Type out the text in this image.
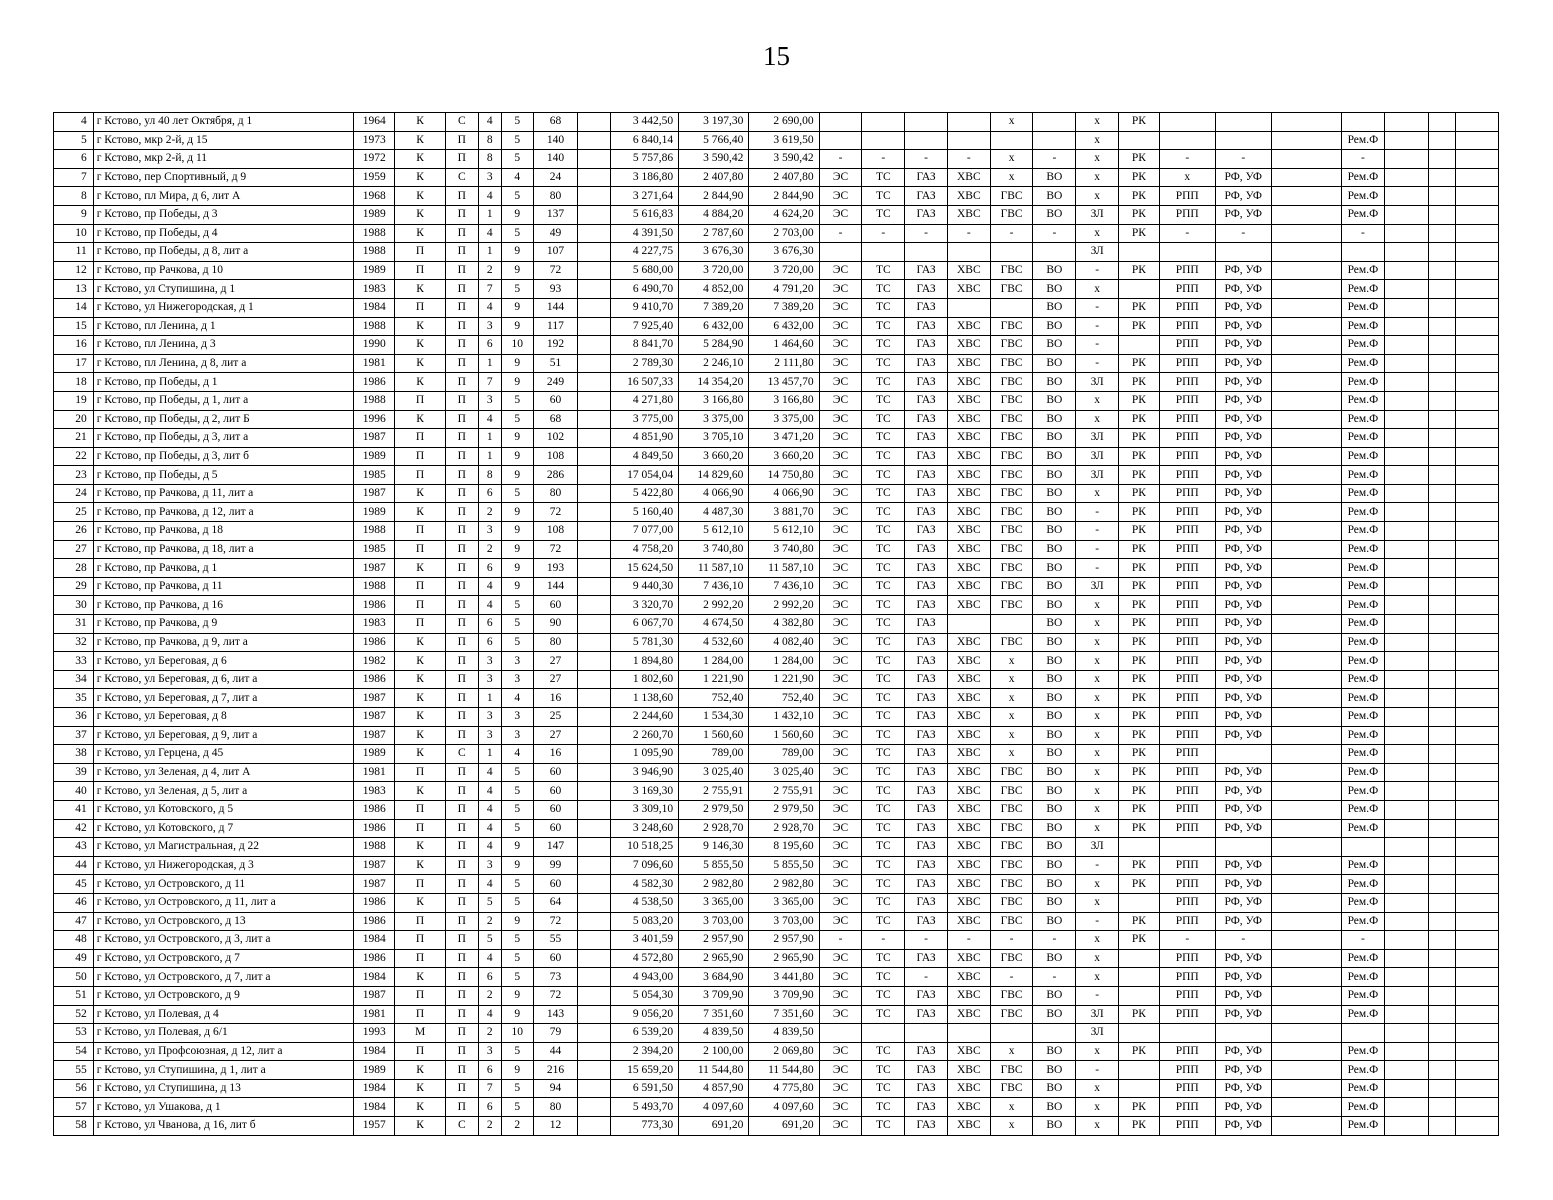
15
4	г Кстово, ул 40 лет Октября, д 1	1964	К	С	4	5	68		3 442,50	3 197,30	2 690,00					х		х	РК							
5	г Кстово, мкр 2-й, д 15	1973	К	П	8	5	140		6 840,14	5 766,40	3 619,50							х					Рем.Ф			
6	г Кстово, мкр 2-й, д 11	1972	К	П	8	5	140		5 757,86	3 590,42	3 590,42	-	-	-	-	х	-	х	РК	-	-		-			
7	г Кстово, пер Спортивный, д 9	1959	К	С	3	4	24		3 186,80	2 407,80	2 407,80	ЭС	ТС	ГАЗ	ХВС	х	ВО	х	РК	х	РФ, УФ		Рем.Ф			
8	г Кстово, пл Мира, д 6, лит А	1968	К	П	4	5	80		3 271,64	2 844,90	2 844,90	ЭС	ТС	ГАЗ	ХВС	ГВС	ВО	х	РК	РПП	РФ, УФ		Рем.Ф			
9	г Кстово, пр Победы, д 3	1989	К	П	1	9	137		5 616,83	4 884,20	4 624,20	ЭС	ТС	ГАЗ	ХВС	ГВС	ВО	ЗЛ	РК	РПП	РФ, УФ		Рем.Ф			
10	г Кстово, пр Победы, д 4	1988	К	П	4	5	49		4 391,50	2 787,60	2 703,00	-	-	-	-	-	-	х	РК	-	-		-			
11	г Кстово, пр Победы, д 8, лит а	1988	П	П	1	9	107		4 227,75	3 676,30	3 676,30							ЗЛ								
12	г Кстово, пр Рачкова, д 10	1989	П	П	2	9	72		5 680,00	3 720,00	3 720,00	ЭС	ТС	ГАЗ	ХВС	ГВС	ВО	-	РК	РПП	РФ, УФ		Рем.Ф			
13	г Кстово, ул Ступишина, д 1	1983	К	П	7	5	93		6 490,70	4 852,00	4 791,20	ЭС	ТС	ГАЗ	ХВС	ГВС	ВО	х		РПП	РФ, УФ		Рем.Ф			
14	г Кстово, ул Нижегородская, д 1	1984	П	П	4	9	144		9 410,70	7 389,20	7 389,20	ЭС	ТС	ГАЗ			ВО	-	РК	РПП	РФ, УФ		Рем.Ф			
15	г Кстово, пл Ленина, д 1	1988	К	П	3	9	117		7 925,40	6 432,00	6 432,00	ЭС	ТС	ГАЗ	ХВС	ГВС	ВО	-	РК	РПП	РФ, УФ		Рем.Ф			
16	г Кстово, пл Ленина, д 3	1990	К	П	6	10	192		8 841,70	5 284,90	1 464,60	ЭС	ТС	ГАЗ	ХВС	ГВС	ВО	-		РПП	РФ, УФ		Рем.Ф			
17	г Кстово, пл Ленина, д 8, лит а	1981	К	П	1	9	51		2 789,30	2 246,10	2 111,80	ЭС	ТС	ГАЗ	ХВС	ГВС	ВО	-	РК	РПП	РФ, УФ		Рем.Ф			
18	г Кстово, пр Победы, д 1	1986	К	П	7	9	249		16 507,33	14 354,20	13 457,70	ЭС	ТС	ГАЗ	ХВС	ГВС	ВО	ЗЛ	РК	РПП	РФ, УФ		Рем.Ф			
19	г Кстово, пр Победы, д 1, лит а	1988	П	П	3	5	60		4 271,80	3 166,80	3 166,80	ЭС	ТС	ГАЗ	ХВС	ГВС	ВО	х	РК	РПП	РФ, УФ		Рем.Ф			
20	г Кстово, пр Победы, д 2, лит Б	1996	К	П	4	5	68		3 775,00	3 375,00	3 375,00	ЭС	ТС	ГАЗ	ХВС	ГВС	ВО	х	РК	РПП	РФ, УФ		Рем.Ф			
21	г Кстово, пр Победы, д 3, лит а	1987	П	П	1	9	102		4 851,90	3 705,10	3 471,20	ЭС	ТС	ГАЗ	ХВС	ГВС	ВО	ЗЛ	РК	РПП	РФ, УФ		Рем.Ф			
22	г Кстово, пр Победы, д 3, лит б	1989	П	П	1	9	108		4 849,50	3 660,20	3 660,20	ЭС	ТС	ГАЗ	ХВС	ГВС	ВО	ЗЛ	РК	РПП	РФ, УФ		Рем.Ф			
23	г Кстово, пр Победы, д 5	1985	П	П	8	9	286		17 054,04	14 829,60	14 750,80	ЭС	ТС	ГАЗ	ХВС	ГВС	ВО	ЗЛ	РК	РПП	РФ, УФ		Рем.Ф			
24	г Кстово, пр Рачкова, д 11, лит а	1987	К	П	6	5	80		5 422,80	4 066,90	4 066,90	ЭС	ТС	ГАЗ	ХВС	ГВС	ВО	х	РК	РПП	РФ, УФ		Рем.Ф			
25	г Кстово, пр Рачкова, д 12, лит а	1989	К	П	2	9	72		5 160,40	4 487,30	3 881,70	ЭС	ТС	ГАЗ	ХВС	ГВС	ВО	-	РК	РПП	РФ, УФ		Рем.Ф			
26	г Кстово, пр Рачкова, д 18	1988	П	П	3	9	108		7 077,00	5 612,10	5 612,10	ЭС	ТС	ГАЗ	ХВС	ГВС	ВО	-	РК	РПП	РФ, УФ		Рем.Ф			
27	г Кстово, пр Рачкова, д 18, лит а	1985	П	П	2	9	72		4 758,20	3 740,80	3 740,80	ЭС	ТС	ГАЗ	ХВС	ГВС	ВО	-	РК	РПП	РФ, УФ		Рем.Ф			
28	г Кстово, пр Рачкова, д 1	1987	К	П	6	9	193		15 624,50	11 587,10	11 587,10	ЭС	ТС	ГАЗ	ХВС	ГВС	ВО	-	РК	РПП	РФ, УФ		Рем.Ф			
29	г Кстово, пр Рачкова, д 11	1988	П	П	4	9	144		9 440,30	7 436,10	7 436,10	ЭС	ТС	ГАЗ	ХВС	ГВС	ВО	ЗЛ	РК	РПП	РФ, УФ		Рем.Ф			
30	г Кстово, пр Рачкова, д 16	1986	П	П	4	5	60		3 320,70	2 992,20	2 992,20	ЭС	ТС	ГАЗ	ХВС	ГВС	ВО	х	РК	РПП	РФ, УФ		Рем.Ф			
31	г Кстово, пр Рачкова, д 9	1983	П	П	6	5	90		6 067,70	4 674,50	4 382,80	ЭС	ТС	ГАЗ			ВО	х	РК	РПП	РФ, УФ		Рем.Ф			
32	г Кстово, пр Рачкова, д 9, лит а	1986	К	П	6	5	80		5 781,30	4 532,60	4 082,40	ЭС	ТС	ГАЗ	ХВС	ГВС	ВО	х	РК	РПП	РФ, УФ		Рем.Ф			
33	г Кстово, ул Береговая, д 6	1982	К	П	3	3	27		1 894,80	1 284,00	1 284,00	ЭС	ТС	ГАЗ	ХВС	х	ВО	х	РК	РПП	РФ, УФ		Рем.Ф			
34	г Кстово, ул Береговая, д 6, лит а	1986	К	П	3	3	27		1 802,60	1 221,90	1 221,90	ЭС	ТС	ГАЗ	ХВС	х	ВО	х	РК	РПП	РФ, УФ		Рем.Ф			
35	г Кстово, ул Береговая, д 7, лит а	1987	К	П	1	4	16		1 138,60	752,40	752,40	ЭС	ТС	ГАЗ	ХВС	х	ВО	х	РК	РПП	РФ, УФ		Рем.Ф			
36	г Кстово, ул Береговая, д 8	1987	К	П	3	3	25		2 244,60	1 534,30	1 432,10	ЭС	ТС	ГАЗ	ХВС	х	ВО	х	РК	РПП	РФ, УФ		Рем.Ф			
37	г Кстово, ул Береговая, д 9, лит а	1987	К	П	3	3	27		2 260,70	1 560,60	1 560,60	ЭС	ТС	ГАЗ	ХВС	х	ВО	х	РК	РПП	РФ, УФ		Рем.Ф			
38	г Кстово, ул Герцена, д 45	1989	К	С	1	4	16		1 095,90	789,00	789,00	ЭС	ТС	ГАЗ	ХВС	х	ВО	х	РК	РПП			Рем.Ф			
39	г Кстово, ул Зеленая, д 4, лит А	1981	П	П	4	5	60		3 946,90	3 025,40	3 025,40	ЭС	ТС	ГАЗ	ХВС	ГВС	ВО	х	РК	РПП	РФ, УФ		Рем.Ф			
40	г Кстово, ул Зеленая, д 5, лит а	1983	К	П	4	5	60		3 169,30	2 755,91	2 755,91	ЭС	ТС	ГАЗ	ХВС	ГВС	ВО	х	РК	РПП	РФ, УФ		Рем.Ф			
41	г Кстово, ул Котовского, д 5	1986	П	П	4	5	60		3 309,10	2 979,50	2 979,50	ЭС	ТС	ГАЗ	ХВС	ГВС	ВО	х	РК	РПП	РФ, УФ		Рем.Ф			
42	г Кстово, ул Котовского, д 7	1986	П	П	4	5	60		3 248,60	2 928,70	2 928,70	ЭС	ТС	ГАЗ	ХВС	ГВС	ВО	х	РК	РПП	РФ, УФ		Рем.Ф			
43	г Кстово, ул Магистральная, д 22	1988	К	П	4	9	147		10 518,25	9 146,30	8 195,60	ЭС	ТС	ГАЗ	ХВС	ГВС	ВО	ЗЛ								
44	г Кстово, ул Нижегородская, д 3	1987	К	П	3	9	99		7 096,60	5 855,50	5 855,50	ЭС	ТС	ГАЗ	ХВС	ГВС	ВО	-	РК	РПП	РФ, УФ		Рем.Ф			
45	г Кстово, ул Островского, д 11	1987	П	П	4	5	60		4 582,30	2 982,80	2 982,80	ЭС	ТС	ГАЗ	ХВС	ГВС	ВО	х	РК	РПП	РФ, УФ		Рем.Ф			
46	г Кстово, ул Островского, д 11, лит а	1986	К	П	5	5	64		4 538,50	3 365,00	3 365,00	ЭС	ТС	ГАЗ	ХВС	ГВС	ВО	х		РПП	РФ, УФ		Рем.Ф			
47	г Кстово, ул Островского, д 13	1986	П	П	2	9	72		5 083,20	3 703,00	3 703,00	ЭС	ТС	ГАЗ	ХВС	ГВС	ВО	-	РК	РПП	РФ, УФ		Рем.Ф			
48	г Кстово, ул Островского, д 3, лит а	1984	П	П	5	5	55		3 401,59	2 957,90	2 957,90	-	-	-	-	-	-	х	РК	-	-		-			
49	г Кстово, ул Островского, д 7	1986	П	П	4	5	60		4 572,80	2 965,90	2 965,90	ЭС	ТС	ГАЗ	ХВС	ГВС	ВО	х		РПП	РФ, УФ		Рем.Ф			
50	г Кстово, ул Островского, д 7, лит а	1984	К	П	6	5	73		4 943,00	3 684,90	3 441,80	ЭС	ТС	-	ХВС	-	-	х		РПП	РФ, УФ		Рем.Ф			
51	г Кстово, ул Островского, д 9	1987	П	П	2	9	72		5 054,30	3 709,90	3 709,90	ЭС	ТС	ГАЗ	ХВС	ГВС	ВО	-		РПП	РФ, УФ		Рем.Ф			
52	г Кстово, ул Полевая, д 4	1981	П	П	4	9	143		9 056,20	7 351,60	7 351,60	ЭС	ТС	ГАЗ	ХВС	ГВС	ВО	ЗЛ	РК	РПП	РФ, УФ		Рем.Ф			
53	г Кстово, ул Полевая, д 6/1	1993	М	П	2	10	79		6 539,20	4 839,50	4 839,50							ЗЛ								
54	г Кстово, ул Профсоюзная, д 12, лит а	1984	П	П	3	5	44		2 394,20	2 100,00	2 069,80	ЭС	ТС	ГАЗ	ХВС	х	ВО	х	РК	РПП	РФ, УФ		Рем.Ф			
55	г Кстово, ул Ступишина, д 1, лит а	1989	К	П	6	9	216		15 659,20	11 544,80	11 544,80	ЭС	ТС	ГАЗ	ХВС	ГВС	ВО	-		РПП	РФ, УФ		Рем.Ф			
56	г Кстово, ул Ступишина, д 13	1984	К	П	7	5	94		6 591,50	4 857,90	4 775,80	ЭС	ТС	ГАЗ	ХВС	ГВС	ВО	х		РПП	РФ, УФ		Рем.Ф			
57	г Кстово, ул Ушакова, д 1	1984	К	П	6	5	80		5 493,70	4 097,60	4 097,60	ЭС	ТС	ГАЗ	ХВС	х	ВО	х	РК	РПП	РФ, УФ		Рем.Ф			
58	г Кстово, ул Чванова, д 16, лит б	1957	К	С	2	2	12		773,30	691,20	691,20	ЭС	ТС	ГАЗ	ХВС	х	ВО	х	РК	РПП	РФ, УФ		Рем.Ф			
